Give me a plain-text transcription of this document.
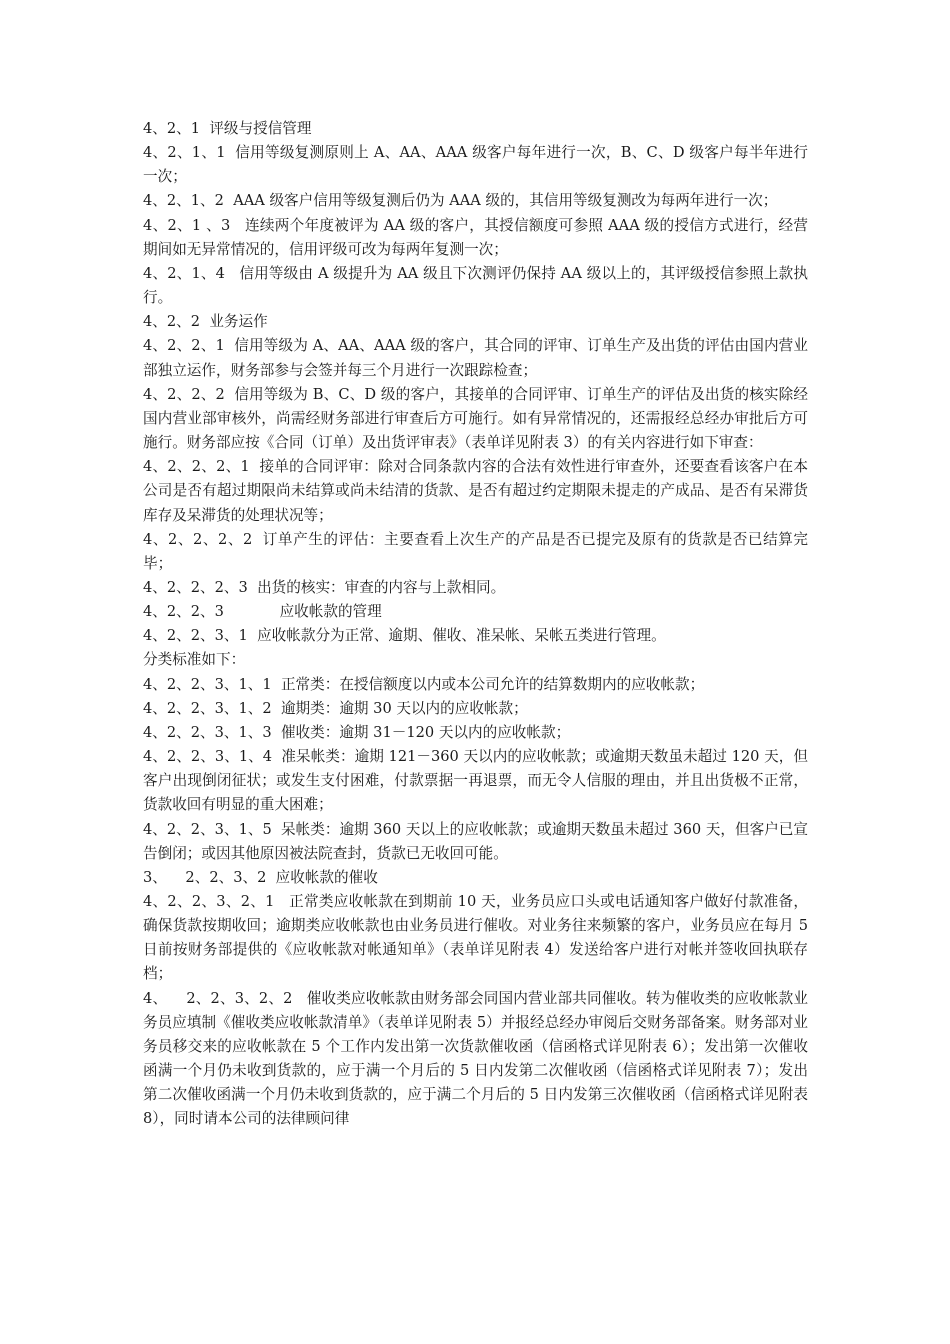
4、2、1  评级与授信管理

4、2、1、1  信用等级复测原则上 A、AA、AAA 级客户每年进行一次，B、C、D 级客户每半年进行一次；

4、2、1、2  AAA 级客户信用等级复测后仍为 AAA 级的，其信用等级复测改为每两年进行一次；

4、2、1 、3   连续两个年度被评为 AA 级的客户，其授信额度可参照 AAA 级的授信方式进行，经营期间如无异常情况的，信用评级可改为每两年复测一次；

4、2、1、4   信用等级由 A 级提升为 AA 级且下次测评仍保持 AA 级以上的，其评级授信参照上款执行。

4、2、2  业务运作

4、2、2、1  信用等级为 A、AA、AAA 级的客户，其合同的评审、订单生产及出货的评估由国内营业部独立运作，财务部参与会签并每三个月进行一次跟踪检查；

4、2、2、2  信用等级为 B、C、D 级的客户，其接单的合同评审、订单生产的评估及出货的核实除经国内营业部审核外，尚需经财务部进行审查后方可施行。如有异常情况的，还需报经总经办审批后方可施行。财务部应按《合同（订单）及出货评审表》（表单详见附表 3）的有关内容进行如下审查：

4、2、2、2、1  接单的合同评审：除对合同条款内容的合法有效性进行审查外，还要查看该客户在本公司是否有超过期限尚未结算或尚未结清的货款、是否有超过约定期限未提走的产成品、是否有呆滞货库存及呆滞货的处理状况等；

4、2、2、2、2  订单产生的评估：主要查看上次生产的产品是否已提完及原有的货款是否已结算完毕；

4、2、2、2、3  出货的核实：审查的内容与上款相同。

4、2、2、3            应收帐款的管理

4、2、2、3、1  应收帐款分为正常、逾期、催收、准呆帐、呆帐五类进行管理。

分类标准如下：

4、2、2、3、1、1  正常类：在授信额度以内或本公司允许的结算数期内的应收帐款；

4、2、2、3、1、2  逾期类：逾期 30 天以内的应收帐款；

4、2、2、3、1、3  催收类：逾期 31－120 天以内的应收帐款；

4、2、2、3、1、4  准呆帐类：逾期 121－360 天以内的应收帐款；或逾期天数虽未超过 120 天，但客户出现倒闭征状；或发生支付困难，付款票据一再退票，而无令人信服的理由，并且出货极不正常，货款收回有明显的重大困难；

4、2、2、3、1、5  呆帐类：逾期 360 天以上的应收帐款；或逾期天数虽未超过 360 天，但客户已宣告倒闭；或因其他原因被法院查封，货款已无收回可能。

3、    2、2、3、2  应收帐款的催收

4、2、2、3、2、1   正常类应收帐款在到期前 10 天，业务员应口头或电话通知客户做好付款准备，确保货款按期收回；逾期类应收帐款也由业务员进行催收。对业务往来频繁的客户，业务员应在每月 5 日前按财务部提供的《应收帐款对帐通知单》（表单详见附表 4）发送给客户进行对帐并签收回执联存档；

4、    2、2、3、2、2   催收类应收帐款由财务部会同国内营业部共同催收。转为催收类的应收帐款业务员应填制《催收类应收帐款清单》（表单详见附表 5）并报经总经办审阅后交财务部备案。财务部对业务员移交来的应收帐款在 5 个工作内发出第一次货款催收函（信函格式详见附表 6）；发出第一次催收函满一个月仍未收到货款的，应于满一个月后的 5 日内发第二次催收函（信函格式详见附表 7）；发出第二次催收函满一个月仍未收到货款的，应于满二个月后的 5 日内发第三次催收函（信函格式详见附表 8），同时请本公司的法律顾问律
